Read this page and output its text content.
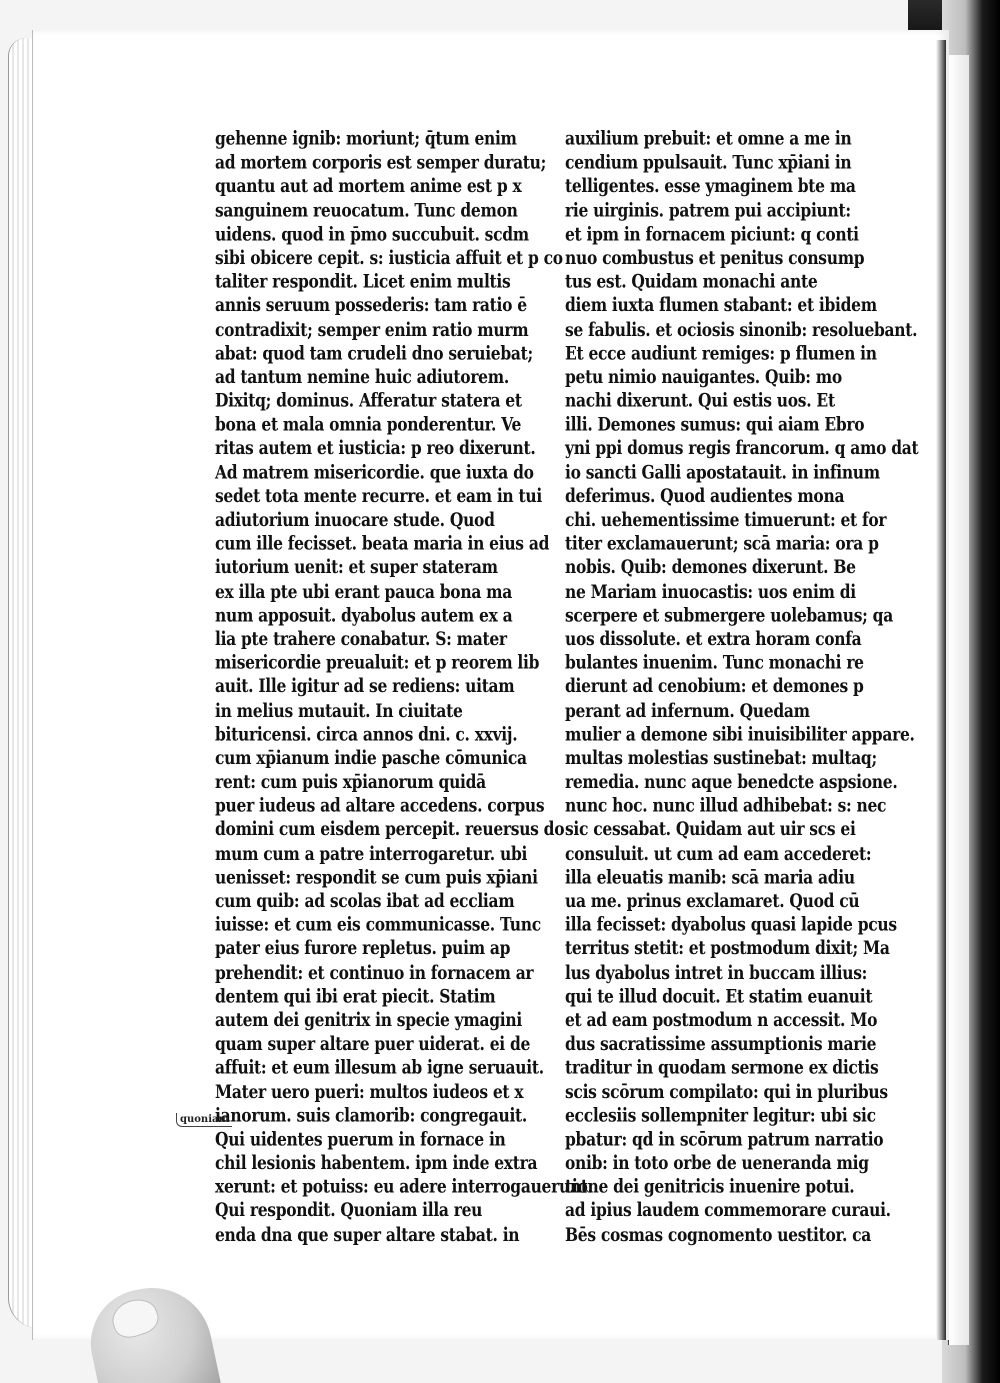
gehenne ignib: moriunt; q̄tum enim
ad mortem corporis est semper duratu;
quantu aut ad mortem anime est p x
sanguinem reuocatum. Tunc demon
uidens. quod in p̄mo succubuit. scdm
sibi obicere cepit. s: iusticia affuit et p co
taliter respondit. Licet enim multis
annis seruum possederis: tam ratio ē
contradixit; semper enim ratio murm
abat: quod tam crudeli dno seruiebat;
ad tantum nemine huic adiutorem.
Dixitq; dominus. Afferatur statera et
bona et mala omnia ponderentur. Ve
ritas autem et iusticia: p reo dixerunt.
Ad matrem misericordie. que iuxta do
sedet tota mente recurre. et eam in tui
adiutorium inuocare stude. Quod
cum ille fecisset. beata maria in eius ad
iutorium uenit: et super stateram
ex illa pte ubi erant pauca bona ma
num apposuit. dyabolus autem ex a
lia pte trahere conabatur. S: mater
misericordie preualuit: et p reorem lib
auit. Ille igitur ad se rediens: uitam
in melius mutauit. In ciuitate
bituricensi. circa annos dni. c. xxvij.
cum xp̄ianum indie pasche cōmunica
rent: cum puis xp̄ianorum quidā
puer iudeus ad altare accedens. corpus
domini cum eisdem percepit. reuersus do
mum cum a patre interrogaretur. ubi
uenisset: respondit se cum puis xp̄iani
cum quib: ad scolas ibat ad eccliam
iuisse: et cum eis communicasse. Tunc
pater eius furore repletus. puim ap
prehendit: et continuo in fornacem ar
dentem qui ibi erat piecit. Statim
autem dei genitrix in specie ymagini
quam super altare puer uiderat. ei de
affuit: et eum illesum ab igne seruauit.
Mater uero pueri: multos iudeos et x
ianorum. suis clamorib: congregauit.
Qui uidentes puerum in fornace in
chil lesionis habentem. ipm inde extra
xerunt: et potuiss: eu adere interrogauerunt.
Qui respondit. Quoniam illa reu
enda dna que super altare stabat. in
auxilium prebuit: et omne a me in
cendium ppulsauit. Tunc xp̄iani in
telligentes. esse ymaginem bte ma
rie uirginis. patrem pui accipiunt:
et ipm in fornacem piciunt: q conti
nuo combustus et penitus consump
tus est. Quidam monachi ante
diem iuxta flumen stabant: et ibidem
se fabulis. et ociosis sinonib: resoluebant.
Et ecce audiunt remiges: p flumen in
petu nimio nauigantes. Quib: mo
nachi dixerunt. Qui estis uos. Et
illi. Demones sumus: qui aiam Ebro
yni ppi domus regis francorum. q amo dat
io sancti Galli apostatauit. in infinum
deferimus. Quod audientes mona
chi. uehementissime timuerunt: et for
titer exclamauerunt; scā maria: ora p
nobis. Quib: demones dixerunt. Be
ne Mariam inuocastis: uos enim di
scerpere et submergere uolebamus; qa
uos dissolute. et extra horam confa
bulantes inuenim. Tunc monachi re
dierunt ad cenobium: et demones p
perant ad infernum. Quedam
mulier a demone sibi inuisibiliter appare.
multas molestias sustinebat: multaq;
remedia. nunc aque benedcte aspsione.
nunc hoc. nunc illud adhibebat: s: nec
sic cessabat. Quidam aut uir scs ei
consuluit. ut cum ad eam accederet:
illa eleuatis manib: scā maria adiu
ua me. prinus exclamaret. Quod cū
illa fecisset: dyabolus quasi lapide pcus
territus stetit: et postmodum dixit; Ma
lus dyabolus intret in buccam illius:
qui te illud docuit. Et statim euanuit
et ad eam postmodum n accessit. Mo
dus sacratissime assumptionis marie
traditur in quodam sermone ex dictis
scis scōrum compilato: qui in pluribus
ecclesiis sollempniter legitur: ubi sic
pbatur: qd in scōrum patrum narratio
onib: in toto orbe de ueneranda mig
tione dei genitricis inuenire potui.
ad ipius laudem commemorare curaui.
Bēs cosmas cognomento uestitor. ca
quoniam
